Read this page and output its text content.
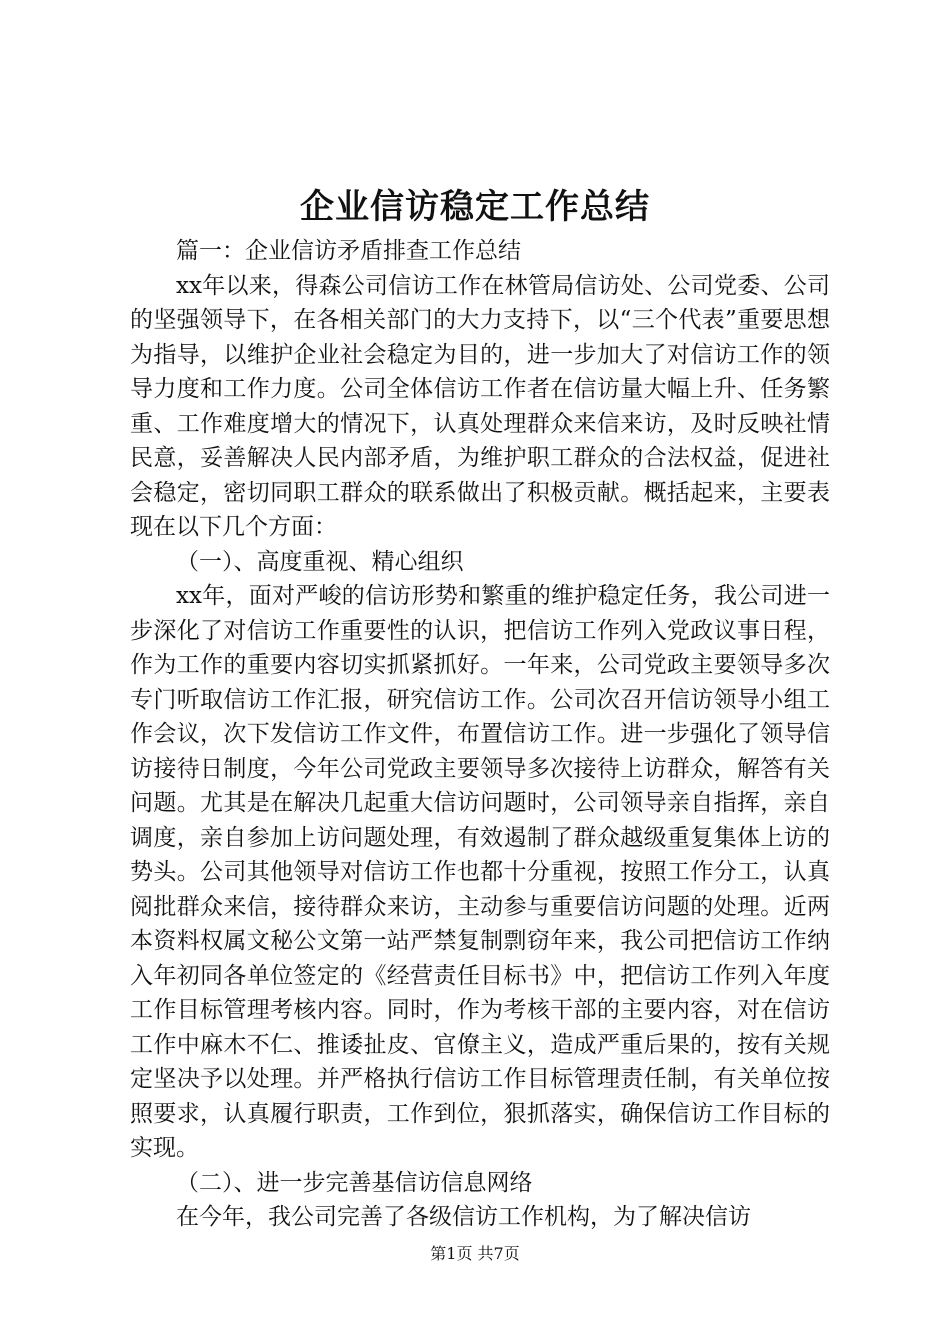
企业信访稳定工作总结

篇一：企业信访矛盾排查工作总结

xx年以来，得森公司信访工作在林管局信访处、公司党委、公司的坚强领导下，在各相关部门的大力支持下，以“三个代表”重要思想为指导，以维护企业社会稳定为目的，进一步加大了对信访工作的领导力度和工作力度。公司全体信访工作者在信访量大幅上升、任务繁重、工作难度增大的情况下，认真处理群众来信来访，及时反映社情民意，妥善解决人民内部矛盾，为维护职工群众的合法权益，促进社会稳定，密切同职工群众的联系做出了积极贡献。概括起来，主要表现在以下几个方面：

（一）、高度重视、精心组织

xx年，面对严峻的信访形势和繁重的维护稳定任务，我公司进一步深化了对信访工作重要性的认识，把信访工作列入党政议事日程，作为工作的重要内容切实抓紧抓好。一年来，公司党政主要领导多次专门听取信访工作汇报，研究信访工作。公司次召开信访领导小组工作会议，次下发信访工作文件，布置信访工作。进一步强化了领导信访接待日制度，今年公司党政主要领导多次接待上访群众，解答有关问题。尤其是在解决几起重大信访问题时，公司领导亲自指挥，亲自调度，亲自参加上访问题处理，有效遏制了群众越级重复集体上访的势头。公司其他领导对信访工作也都十分重视，按照工作分工，认真阅批群众来信，接待群众来访，主动参与重要信访问题的处理。近两本资料权属文秘公文第一站严禁复制剽窃年来，我公司把信访工作纳入年初同各单位签定的《经营责任目标书》中，把信访工作列入年度工作目标管理考核内容。同时，作为考核干部的主要内容，对在信访工作中麻木不仁、推诿扯皮、官僚主义，造成严重后果的，按有关规定坚决予以处理。并严格执行信访工作目标管理责任制，有关单位按照要求，认真履行职责，工作到位，狠抓落实，确保信访工作目标的实现。

（二）、进一步完善基信访信息网络

在今年，我公司完善了各级信访工作机构，为了解决信访

第1页 共7页
